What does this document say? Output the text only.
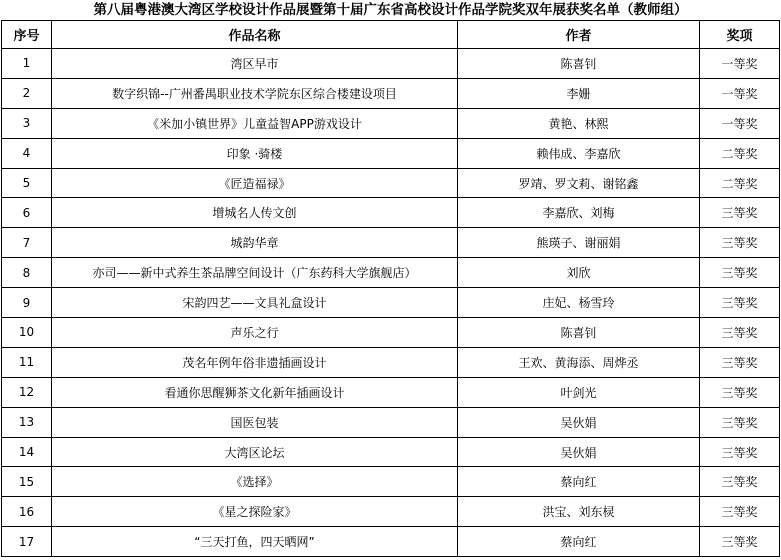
第八届粤港澳大湾区学校设计作品展暨第十届广东省高校设计作品学院奖双年展获奖名单（教师组）
序号	作品名称	作者	奖项
1	湾区早市	陈喜钊	一等奖
2	数字织锦--广州番禺职业技术学院东区综合楼建设项目	李姗	一等奖
3	《米加小镇世界》儿童益智APP游戏设计	黄艳、林熙	一等奖
4	印象 ·骑楼	赖伟成、李嘉欣	二等奖
5	《匠造福禄》	罗靖、罗文莉、谢铭鑫	二等奖
6	增城名人传文创	李嘉欣、刘梅	三等奖
7	城韵华章	熊瑛子、谢丽娟	三等奖
8	亦司——新中式养生茶品牌空间设计（广东药科大学旗舰店）	刘欣	三等奖
9	宋韵四艺——文具礼盒设计	庄妃、杨雪玲	三等奖
10	声乐之行	陈喜钊	三等奖
11	茂名年例年俗非遗插画设计	王欢、黄海添、周烨丞	三等奖
12	看通你思醒狮茶文化新年插画设计	叶剑光	三等奖
13	国医包装	吴伙娟	三等奖
14	大湾区论坛	吴伙娟	三等奖
15	《选择》	蔡向红	三等奖
16	《星之探险家》	洪宝、刘东棂	三等奖
17	“三天打鱼，四天晒网”	蔡向红	三等奖
